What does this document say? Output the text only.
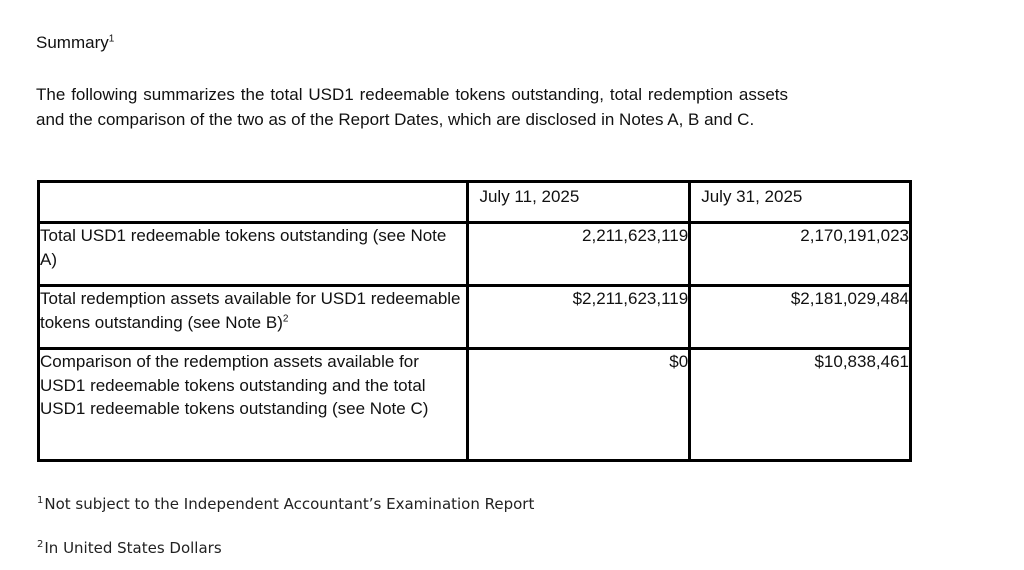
Summary$^1$
The following summarizes the total USD1 redeemable tokens outstanding, total redemption assets and the comparison of the two as of the Report Dates, which are disclosed in Notes A, B and C.
	July 11, 2025	July 31, 2025
Total USD1 redeemable tokens outstanding (see Note A)	2,211,623,119	2,170,191,023
Total redemption assets available for USD1 redeemable tokens outstanding (see Note B)$^2$	$2,211,623,119	$2,181,029,484
Comparison of the redemption assets available for USD1 redeemable tokens outstanding and the total USD1 redeemable tokens outstanding (see Note C)	$0	$10,838,461
$^1$Not subject to the Independent Accountant’s Examination Report
$^2$In United States Dollars
